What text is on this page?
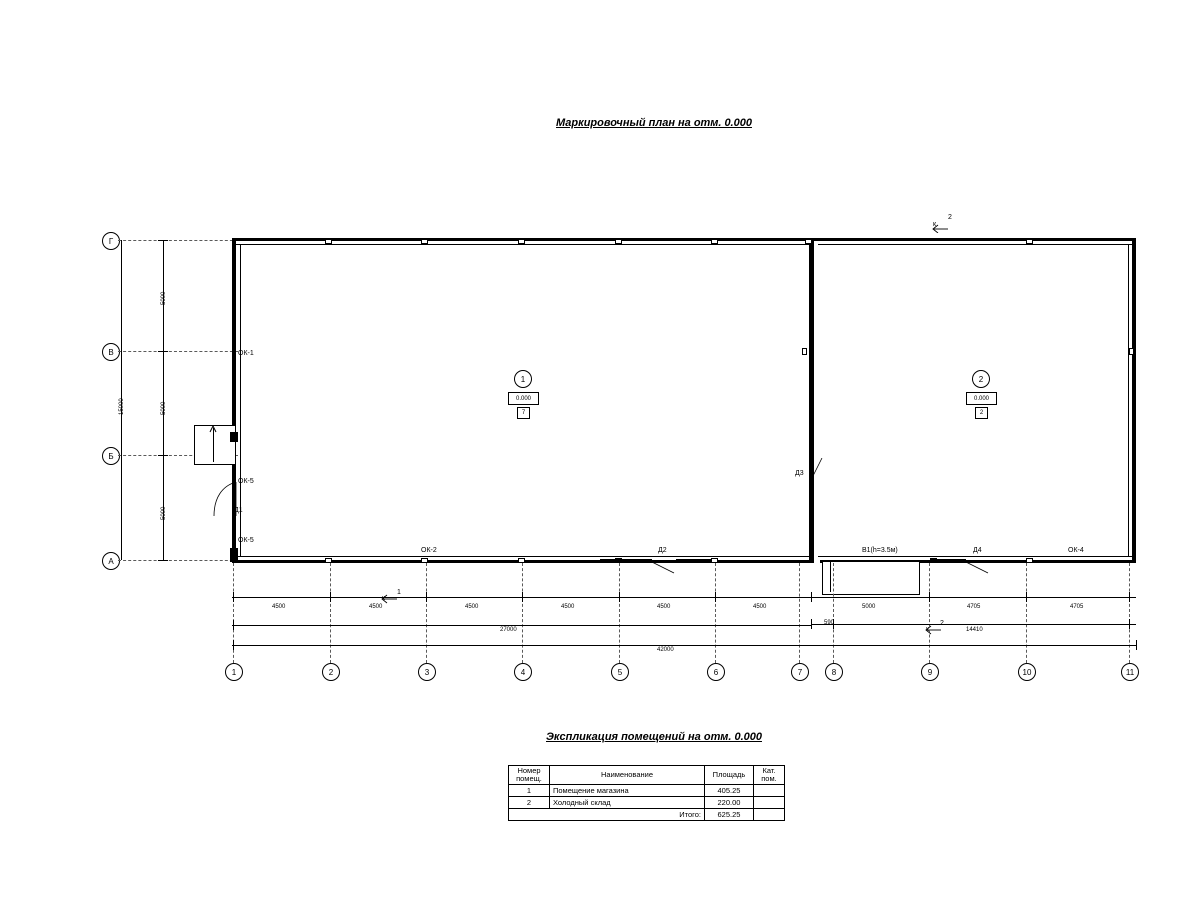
Маркировочный план на отм. 0.000
Г
В
Б
А
15000
5000
5000
5000
ОК-1
ОК-5
Д1
ОК-5
ОК-2	Д2
Д3
В1(h=3.5м)	Д4	ОК-4
1
0.000
7
2
0.000
2
2
к
1
к
2
к
4500	4500	4500	4500	4500	4500	5000	4705	4705
590
14410
27000
42000
1	2	3	4	5	6	7	8	9	10	11
Экспликация помещений на отм. 0.000
Номер
помещ.	Наименование	Площадь	Кат.
пом.
1	Помещение магазина	405.25	
2	Холодный склад	220.00	
Итого:		625.25	
